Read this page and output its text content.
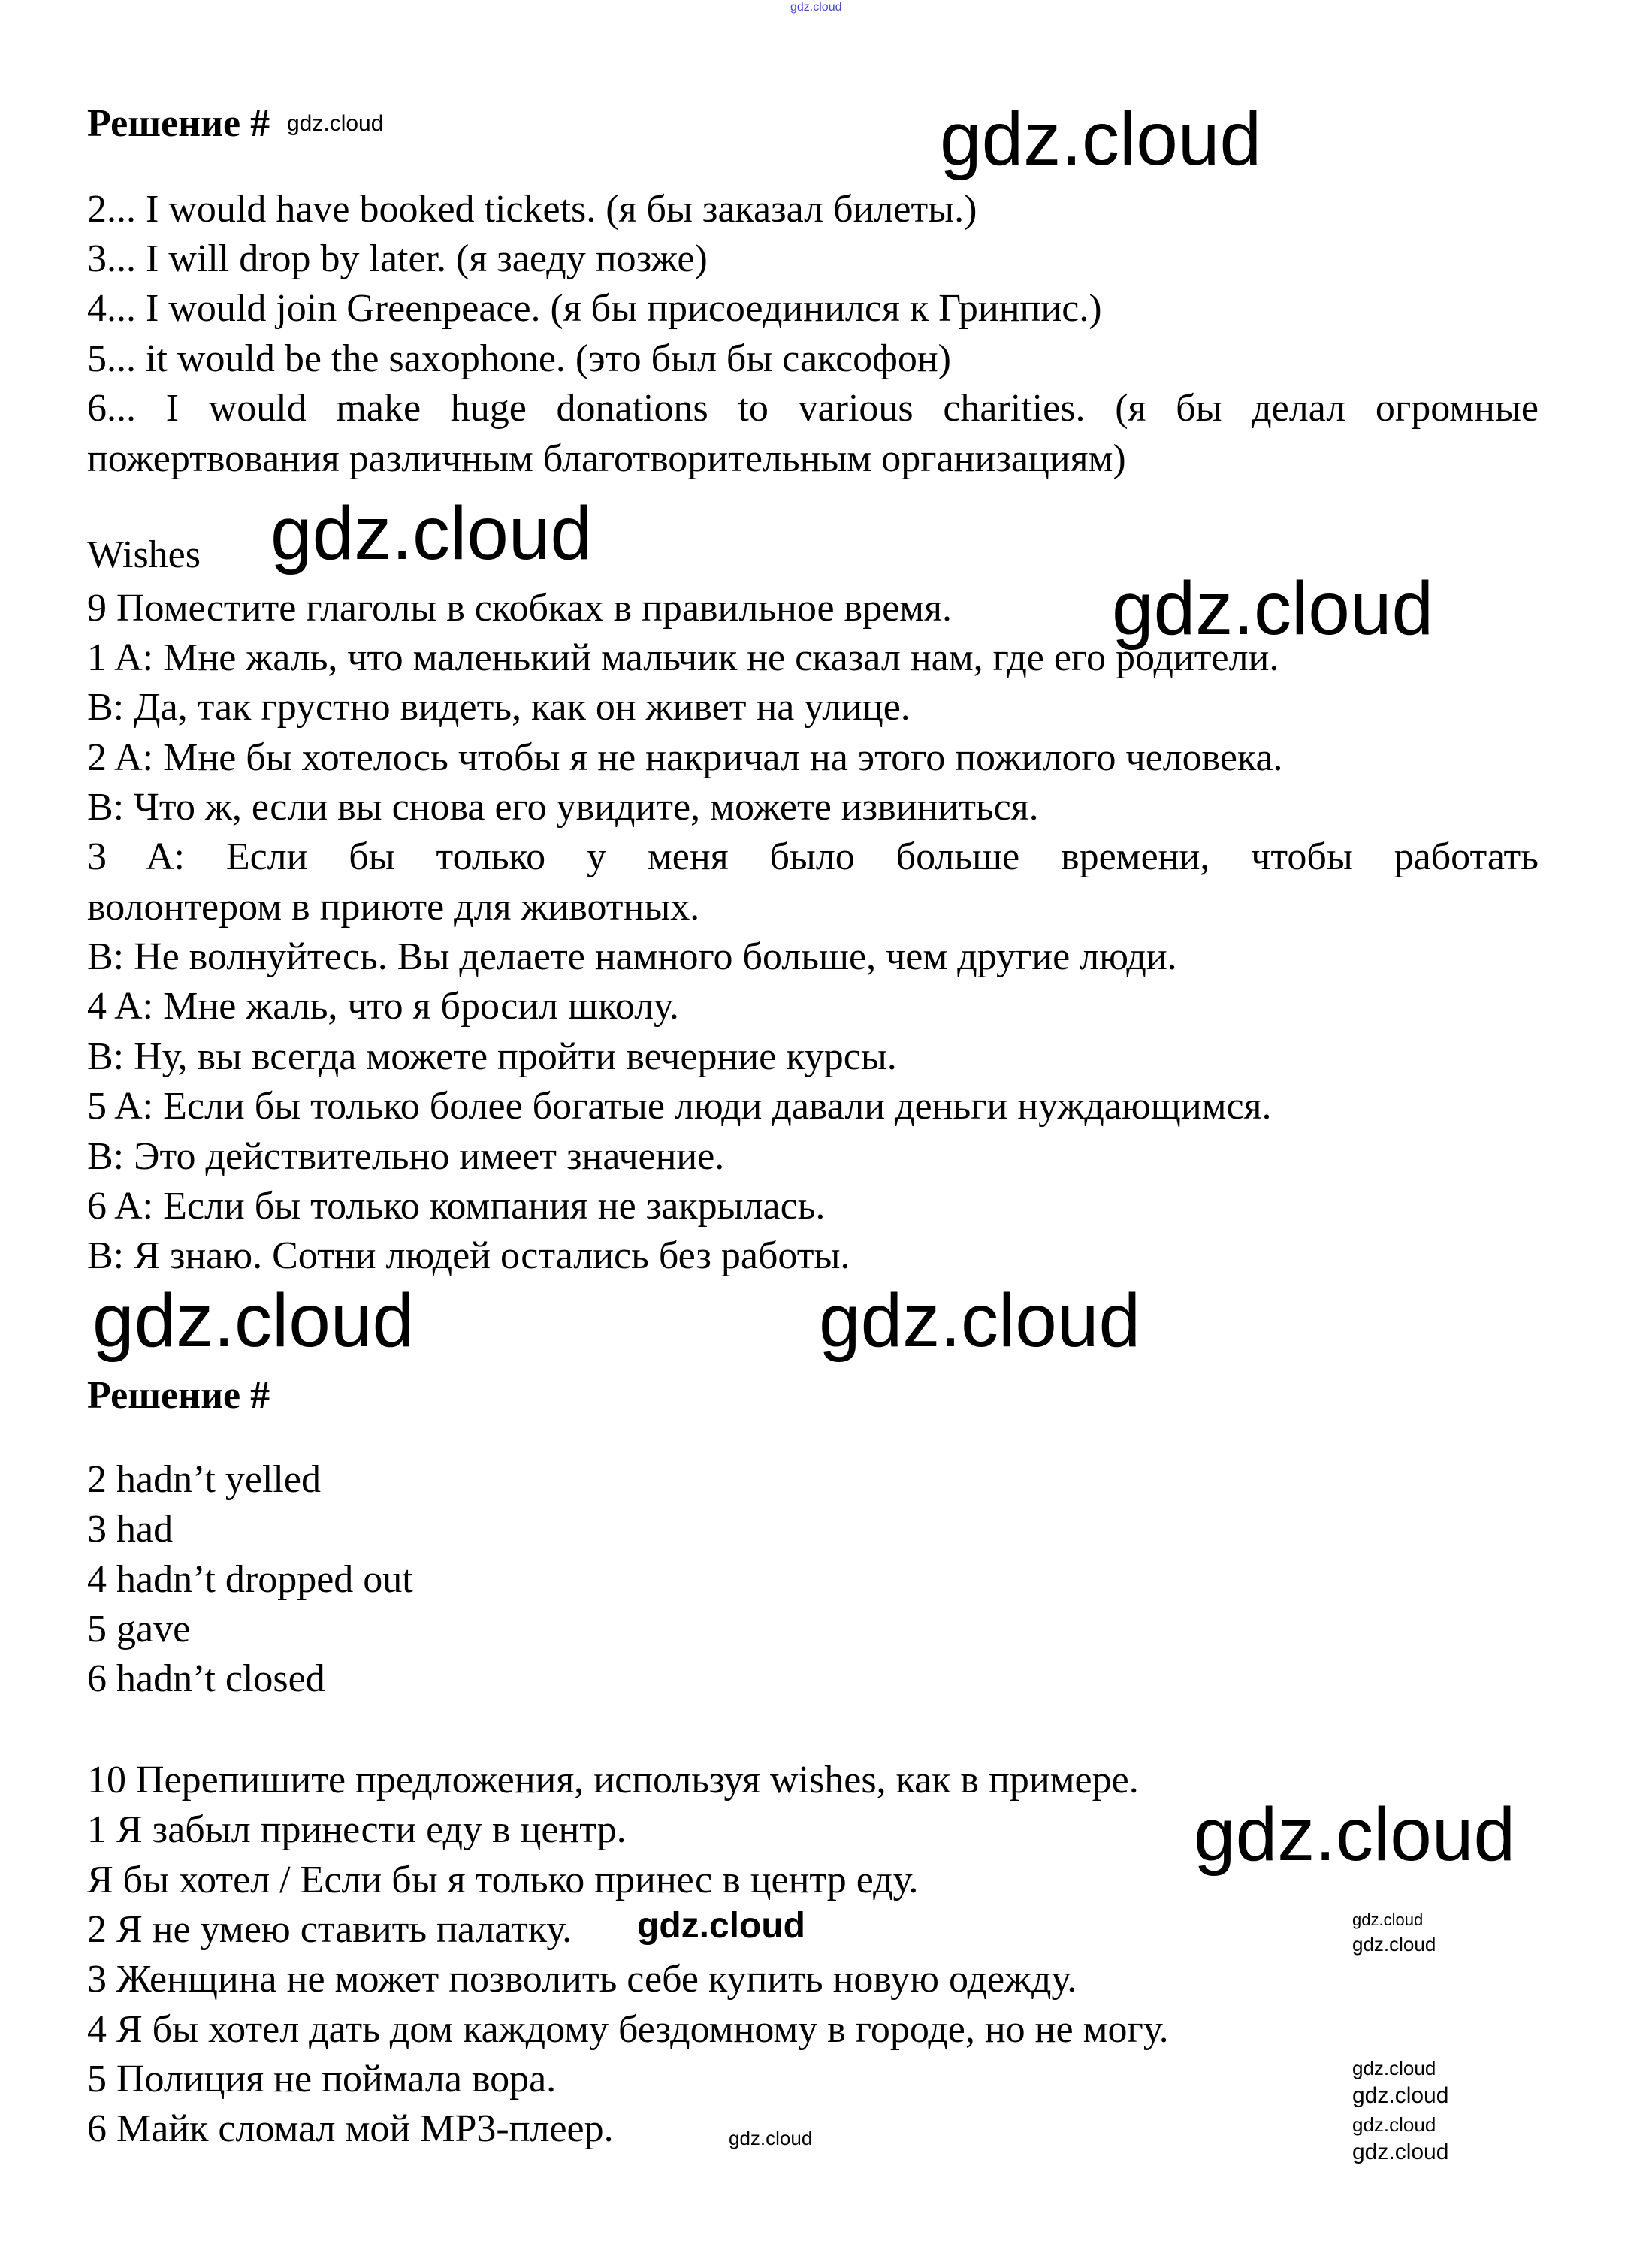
Решение #
2... I would have booked tickets. (я бы заказал билеты.)
3... I will drop by later. (я заеду позже)
4... I would join Greenpeace. (я бы присоединился к Гринпис.)
5... it would be the saxophone. (это был бы саксофон)
6... I would make huge donations to various charities. (я бы делал огромные
пожертвования различным благотворительным организациям)
Wishes
9 Поместите глаголы в скобках в правильное время.
1 A: Мне жаль, что маленький мальчик не сказал нам, где его родители.
B: Да, так грустно видеть, как он живет на улице.
2 A: Мне бы хотелось чтобы я не накричал на этого пожилого человека.
B: Что ж, если вы снова его увидите, можете извиниться.
3 A: Если бы только у меня было больше времени, чтобы работать
волонтером в приюте для животных.
B: Не волнуйтесь. Вы делаете намного больше, чем другие люди.
4 A: Мне жаль, что я бросил школу.
B: Ну, вы всегда можете пройти вечерние курсы.
5 A: Если бы только более богатые люди давали деньги нуждающимся.
B: Это действительно имеет значение.
6 A: Если бы только компания не закрылась.
B: Я знаю. Сотни людей остались без работы.
Решение #
2 hadn’t yelled
3 had
4 hadn’t dropped out
5 gave
6 hadn’t closed
10 Перепишите предложения, используя wishes, как в примере.
1 Я забыл принести еду в центр.
Я бы хотел / Если бы я только принес в центр еду.
2 Я не умею ставить палатку.
3 Женщина не может позволить себе купить новую одежду.
4 Я бы хотел дать дом каждому бездомному в городе, но не могу.
5 Полиция не поймала вора.
6 Майк сломал мой MP3-плеер.
gdz.cloud
gdz.cloud	gdz.cloud
gdz.cloud
gdz.cloud
gdz.cloud
gdz.cloud
gdz.cloud
gdz.cloud	gdz.cloud
gdz.cloud
gdz.cloud
gdz.cloud
gdz.cloud
gdz.cloud
gdz.cloud
